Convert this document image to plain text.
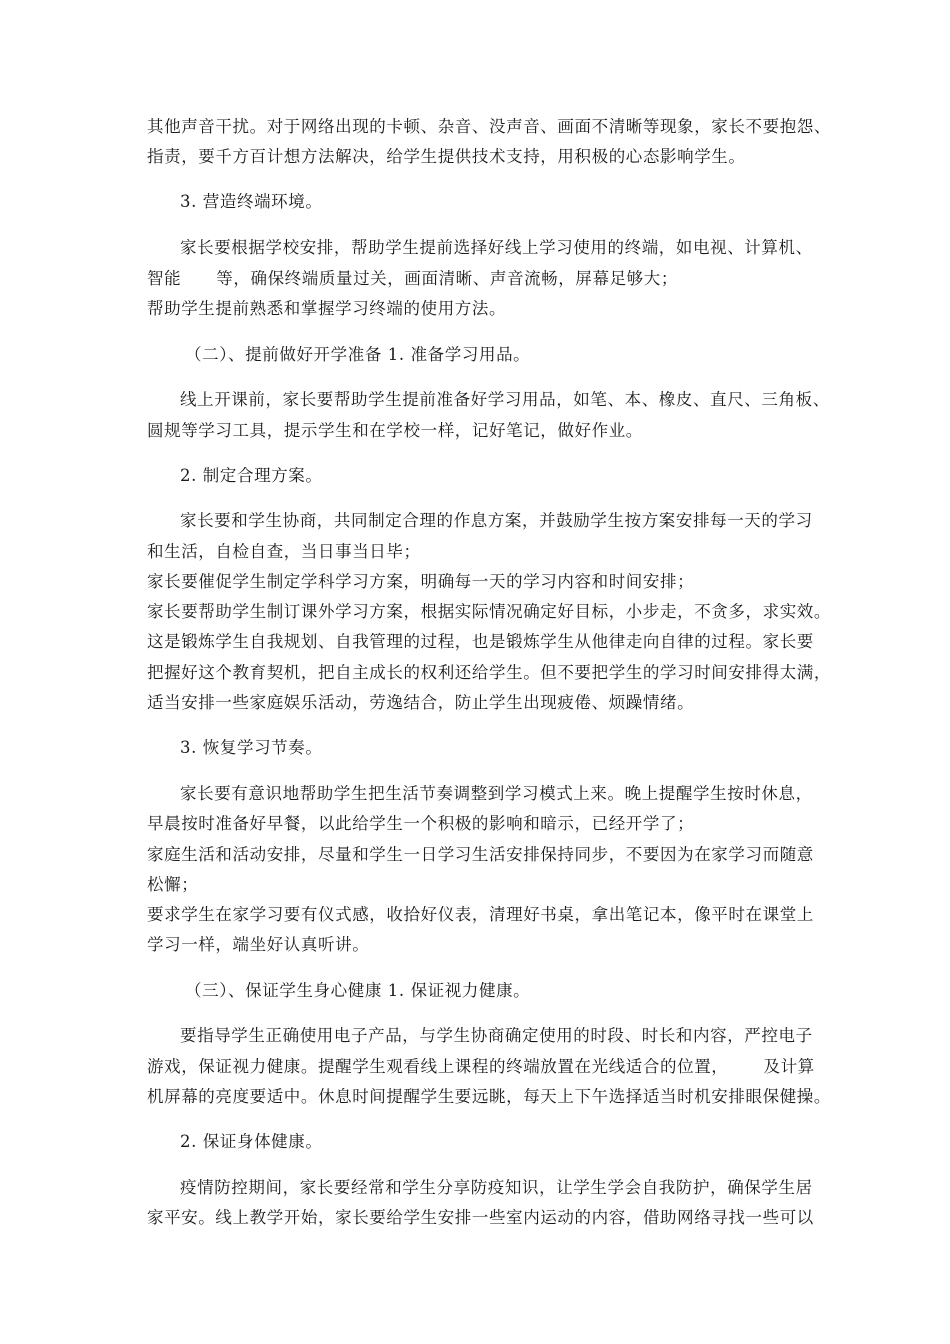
其他声音干扰。对于网络出现的卡顿、杂音、没声音、画面不清晰等现象，家长不要抱怨、
指责，要千方百计想方法解决，给学生提供技术支持，用积极的心态影响学生。
3. 营造终端环境。
家长要根据学校安排，帮助学生提前选择好线上学习使用的终端，如电视、计算机、
智能      等，确保终端质量过关，画面清晰、声音流畅，屏幕足够大；
帮助学生提前熟悉和掌握学习终端的使用方法。
（二）、提前做好开学准备 1. 准备学习用品。
线上开课前，家长要帮助学生提前准备好学习用品，如笔、本、橡皮、直尺、三角板、
圆规等学习工具，提示学生和在学校一样，记好笔记，做好作业。
2. 制定合理方案。
家长要和学生协商，共同制定合理的作息方案，并鼓励学生按方案安排每一天的学习
和生活，自检自查，当日事当日毕；
家长要催促学生制定学科学习方案，明确每一天的学习内容和时间安排；
家长要帮助学生制订课外学习方案，根据实际情况确定好目标，小步走，不贪多，求实效。
这是锻炼学生自我规划、自我管理的过程，也是锻炼学生从他律走向自律的过程。家长要
把握好这个教育契机，把自主成长的权利还给学生。但不要把学生的学习时间安排得太满，
适当安排一些家庭娱乐活动，劳逸结合，防止学生出现疲倦、烦躁情绪。
3. 恢复学习节奏。
家长要有意识地帮助学生把生活节奏调整到学习模式上来。晚上提醒学生按时休息，
早晨按时准备好早餐，以此给学生一个积极的影响和暗示，已经开学了；
家庭生活和活动安排，尽量和学生一日学习生活安排保持同步，不要因为在家学习而随意
松懈；
要求学生在家学习要有仪式感，收拾好仪表，清理好书桌，拿出笔记本，像平时在课堂上
学习一样，端坐好认真听讲。
（三）、保证学生身心健康 1. 保证视力健康。
要指导学生正确使用电子产品，与学生协商确定使用的时段、时长和内容，严控电子
游戏，保证视力健康。提醒学生观看线上课程的终端放置在光线适合的位置，      及计算
机屏幕的亮度要适中。休息时间提醒学生要远眺，每天上下午选择适当时机安排眼保健操。
2. 保证身体健康。
疫情防控期间，家长要经常和学生分享防疫知识，让学生学会自我防护，确保学生居
家平安。线上教学开始，家长要给学生安排一些室内运动的内容，借助网络寻找一些可以
